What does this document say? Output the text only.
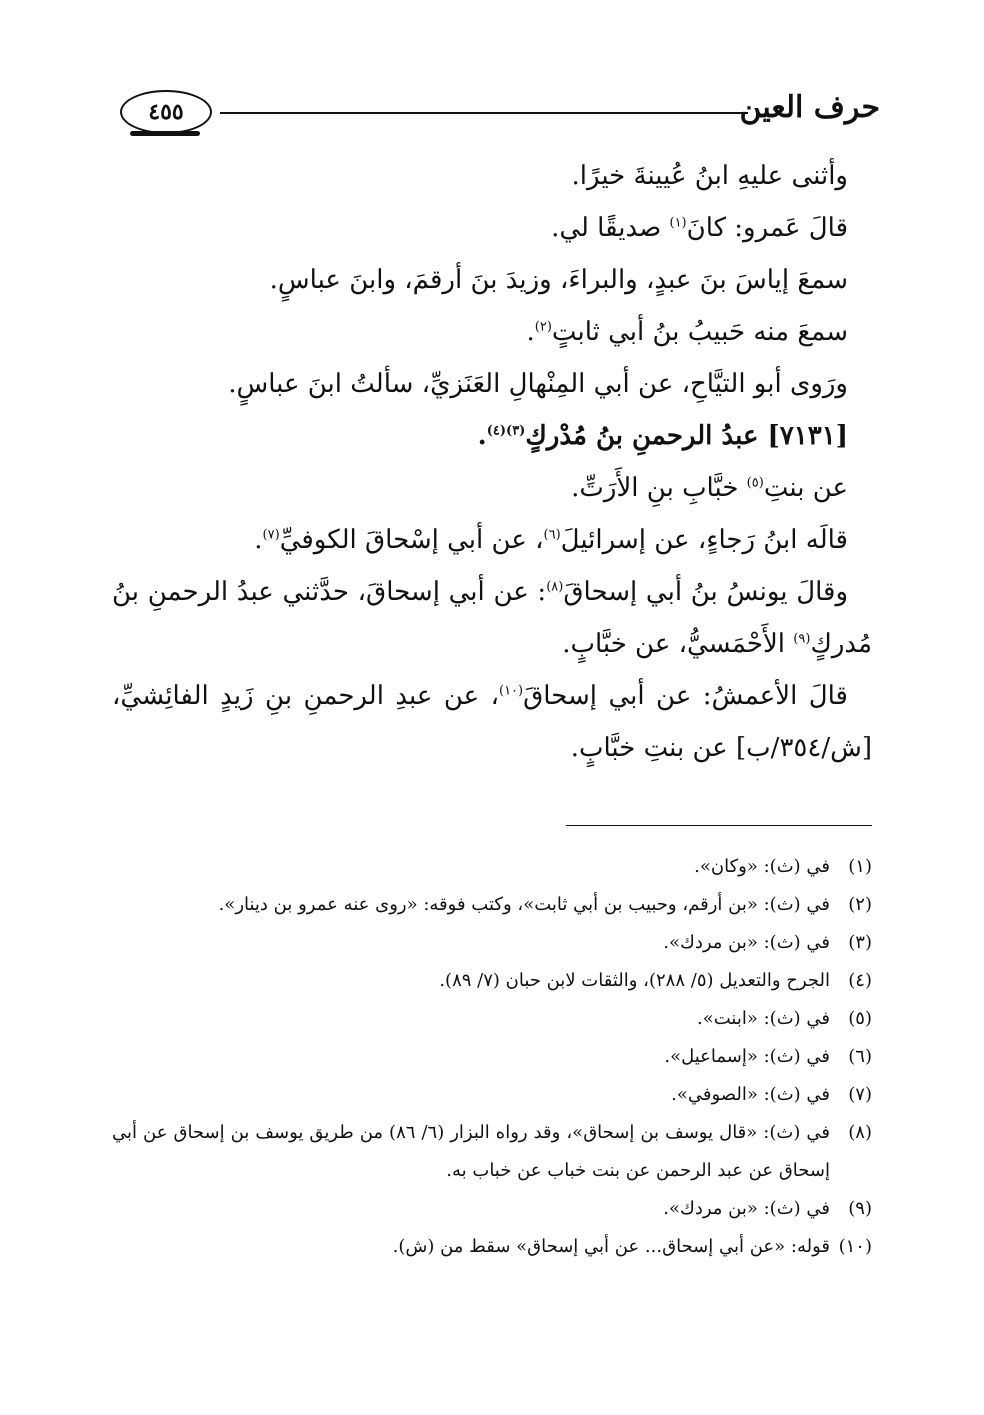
حرف العين
٤٥٥
وأثنى عليهِ ابنُ عُيينةَ خيرًا.
قالَ عَمرو: كانَ$^{(١)}$ صديقًا لي.
سمعَ إياسَ بنَ عبدٍ، والبراءَ، وزيدَ بنَ أرقمَ، وابنَ عباسٍ.
سمعَ منه حَبيبُ بنُ أبي ثابتٍ$^{(٢)}$.
ورَوى أبو التيَّاحِ، عن أبي المِنْهالِ العَنَزيِّ، سألتُ ابنَ عباسٍ.
[٧١٣١] عبدُ الرحمنِ بنُ مُدْركٍ$^{(٣)(٤)}$.
عن بنتِ$^{(٥)}$ خبَّابِ بنِ الأَرَتِّ.
قالَه ابنُ رَجاءٍ، عن إسرائيلَ$^{(٦)}$، عن أبي إسْحاقَ الكوفيِّ$^{(٧)}$.
وقالَ يونسُ بنُ أبي إسحاقَ$^{(٨)}$: عن أبي إسحاقَ، حدَّثني عبدُ الرحمنِ بنُ
مُدركٍ$^{(٩)}$ الأَحْمَسيُّ، عن خبَّابٍ.
قالَ الأعمشُ: عن أبي إسحاقَ$^{(١٠)}$، عن عبدِ الرحمنِ بنِ زَيدٍ الفائِشيِّ،
[ش/٣٥٤/ب] عن بنتِ خبَّابٍ.
(١)
في (ث): «وكان».
(٢)
في (ث): «بن أرقم، وحبيب بن أبي ثابت»، وكتب فوقه: «روى عنه عمرو بن دينار».
(٣)
في (ث): «بن مردك».
(٤)
الجرح والتعديل (٥/ ٢٨٨)، والثقات لابن حبان (٧/ ٨٩).
(٥)
في (ث): «ابنت».
(٦)
في (ث): «إسماعيل».
(٧)
في (ث): «الصوفي».
(٨)
في (ث): «قال يوسف بن إسحاق»، وقد رواه البزار (٦/ ٨٦) من طريق يوسف بن إسحاق عن أبي إسحاق عن عبد الرحمن عن بنت خباب عن خباب به.
(٩)
في (ث): «بن مردك».
(١٠)
قوله: «عن أبي إسحاق... عن أبي إسحاق» سقط من (ش).
